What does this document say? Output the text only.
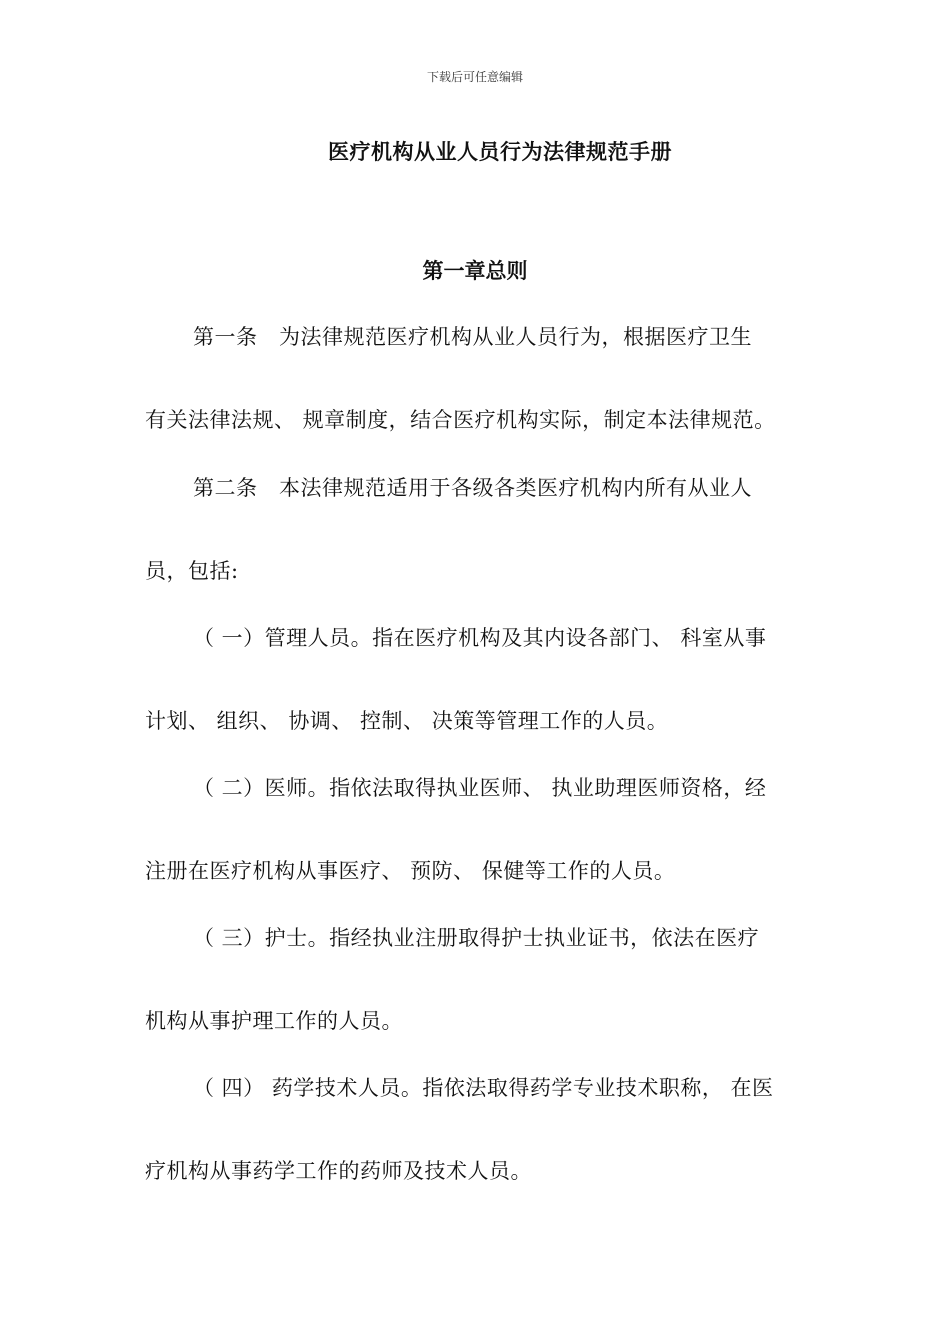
下载后可任意编辑
医疗机构从业人员行为法律规范手册
第一章总则
第一条　为法律规范医疗机构从业人员行为，根据医疗卫生
有关法律法规、 规章制度，结合医疗机构实际，制定本法律规范。
第二条　本法律规范适用于各级各类医疗机构内所有从业人
员，包括:
（ 一）管理人员。指在医疗机构及其内设各部门、 科室从事
计划、 组织、 协调、 控制、 决策等管理工作的人员。
（ 二）医师。指依法取得执业医师、 执业助理医师资格，经
注册在医疗机构从事医疗、 预防、 保健等工作的人员。
（ 三）护士。指经执业注册取得护士执业证书，依法在医疗
机构从事护理工作的人员。
（ 四） 药学技术人员。指依法取得药学专业技术职称， 在医
疗机构从事药学工作的药师及技术人员。
